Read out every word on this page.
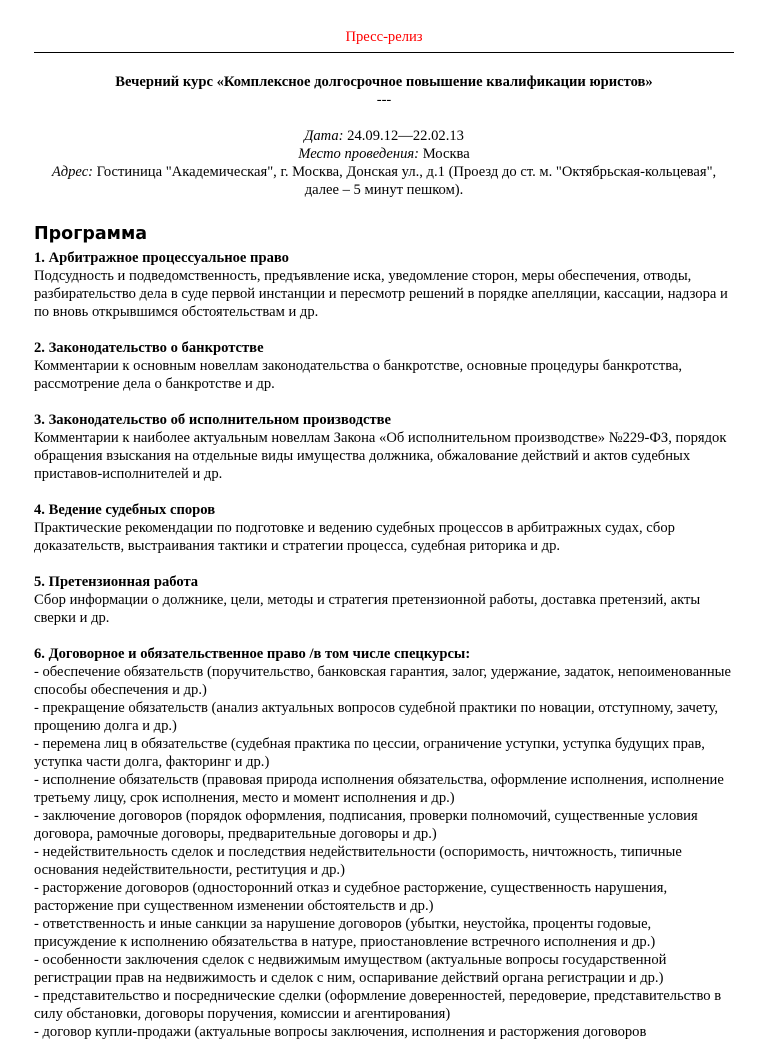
Пресс-релиз
Вечерний курс «Комплексное долгосрочное повышение квалификации юристов»
---
Дата: 24.09.12—22.02.13
Место проведения: Москва
Адрес: Гостиница "Академическая", г. Москва, Донская ул., д.1 (Проезд до ст. м. "Октябрьская-кольцевая", далее – 5 минут пешком).
Программа
1. Арбитражное процессуальное право
Подсудность и подведомственность, предъявление иска, уведомление сторон, меры обеспечения, отводы, разбирательство дела в суде первой инстанции и пересмотр решений в порядке апелляции, кассации, надзора и по вновь открывшимся обстоятельствам и др.
2. Законодательство о банкротстве
Комментарии к основным новеллам законодательства о банкротстве, основные процедуры банкротства, рассмотрение дела о банкротстве и др.
3. Законодательство об исполнительном производстве
Комментарии к наиболее актуальным новеллам Закона «Об исполнительном производстве» №229-ФЗ, порядок обращения взыскания на отдельные виды имущества должника, обжалование действий и актов судебных приставов-исполнителей и др.
4. Ведение судебных споров
Практические рекомендации по подготовке и ведению судебных процессов в арбитражных судах, сбор доказательств, выстраивания тактики и стратегии процесса, судебная риторика и др.
5. Претензионная работа
Сбор информации о должнике, цели, методы и стратегия претензионной работы, доставка претензий, акты сверки и др.
6. Договорное и обязательственное право /в том числе спецкурсы:
- обеспечение обязательств (поручительство, банковская гарантия, залог, удержание, задаток, непоименованные способы обеспечения и др.)
- прекращение обязательств (анализ актуальных вопросов судебной практики по новации, отступному, зачету, прощению долга и др.)
- перемена лиц в обязательстве (судебная практика по цессии, ограничение уступки, уступка будущих прав, уступка части долга, факторинг и др.)
- исполнение обязательств (правовая природа исполнения обязательства, оформление исполнения, исполнение третьему лицу, срок исполнения, место и момент исполнения и др.)
- заключение договоров (порядок оформления, подписания, проверки полномочий, существенные условия договора, рамочные договоры, предварительные договоры и др.)
- недействительность сделок и последствия недействительности (оспоримость, ничтожность, типичные основания недействительности, реституция и др.)
- расторжение договоров (односторонний отказ и судебное расторжение, существенность нарушения, расторжение при существенном изменении обстоятельств и др.)
- ответственность и иные санкции за нарушение договоров (убытки, неустойка, проценты годовые, присуждение к исполнению обязательства в натуре, приостановление встречного исполнения и др.)
- особенности заключения сделок с недвижимым имуществом (актуальные вопросы государственной регистрации прав на недвижимость и сделок с ним, оспаривание действий органа регистрации и др.)
- представительство и посреднические сделки (оформление доверенностей, передоверие, представительство в силу обстановки, договоры поручения, комиссии и агентирования)
- договор купли-продажи (актуальные вопросы заключения, исполнения и расторжения договоров
